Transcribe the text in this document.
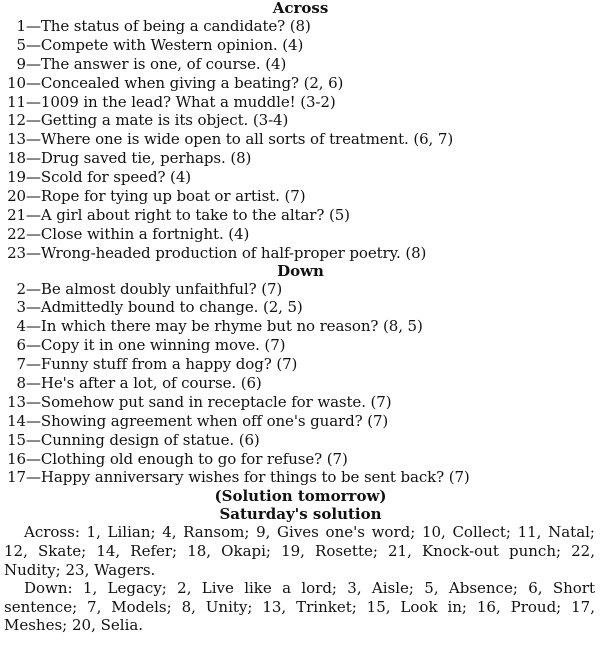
Across
1—The status of being a candidate? (8)
5—Compete with Western opinion. (4)
9—The answer is one, of course. (4)
10—Concealed when giving a beating? (2, 6)
11—1009 in the lead? What a muddle! (3-2)
12—Getting a mate is its object. (3-4)
13—Where one is wide open to all sorts of treatment. (6, 7)
18—Drug saved tie, perhaps. (8)
19—Scold for speed? (4)
20—Rope for tying up boat or artist. (7)
21—A girl about right to take to the altar? (5)
22—Close within a fortnight. (4)
23—Wrong-headed production of half-proper poetry. (8)
Down
2—Be almost doubly unfaithful? (7)
3—Admittedly bound to change. (2, 5)
4—In which there may be rhyme but no reason? (8, 5)
6—Copy it in one winning move. (7)
7—Funny stuff from a happy dog? (7)
8—He's after a lot, of course. (6)
13—Somehow put sand in receptacle for waste. (7)
14—Showing agreement when off one's guard? (7)
15—Cunning design of statue. (6)
16—Clothing old enough to go for refuse? (7)
17—Happy anniversary wishes for things to be sent back? (7)
(Solution tomorrow)
Saturday's solution

Across: 1, Lilian; 4, Ransom; 9, Gives one's word; 10, Collect; 11, Natal; 12, Skate; 14, Refer; 18, Okapi; 19, Rosette; 21, Knock-out punch; 22, Nudity; 23, Wagers.

Down: 1, Legacy; 2, Live like a lord; 3, Aisle; 5, Absence; 6, Short sentence; 7, Models; 8, Unity; 13, Trinket; 15, Look in; 16, Proud; 17, Meshes; 20, Selia.
